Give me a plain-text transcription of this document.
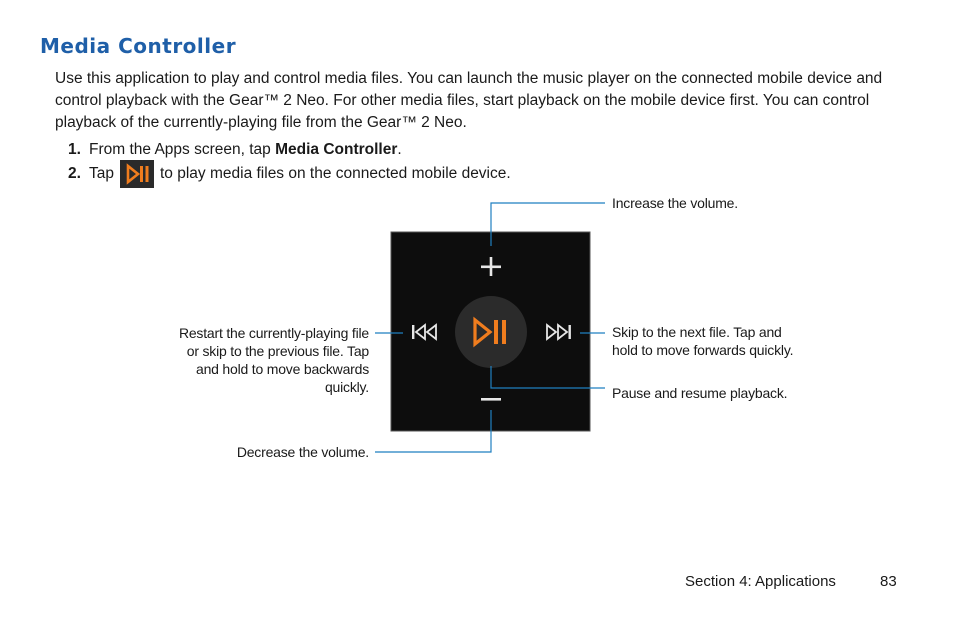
Media Controller
Use this application to play and control media files. You can launch the music player on the connected mobile device and control playback with the Gear™ 2 Neo. For other media files, start playback on the mobile device first. You can control playback of the currently-playing file from the Gear™ 2 Neo.
1. From the Apps screen, tap Media Controller .
2. Tap	to play media files on the connected mobile device.
Increase the volume.
Restart the currently-playing file
or skip to the previous file. Tap
and hold to move backwards
quickly.
Skip to the next file. Tap and
hold to move forwards quickly.
Pause and resume playback.
Decrease the volume.
Section 4: Applications	83
